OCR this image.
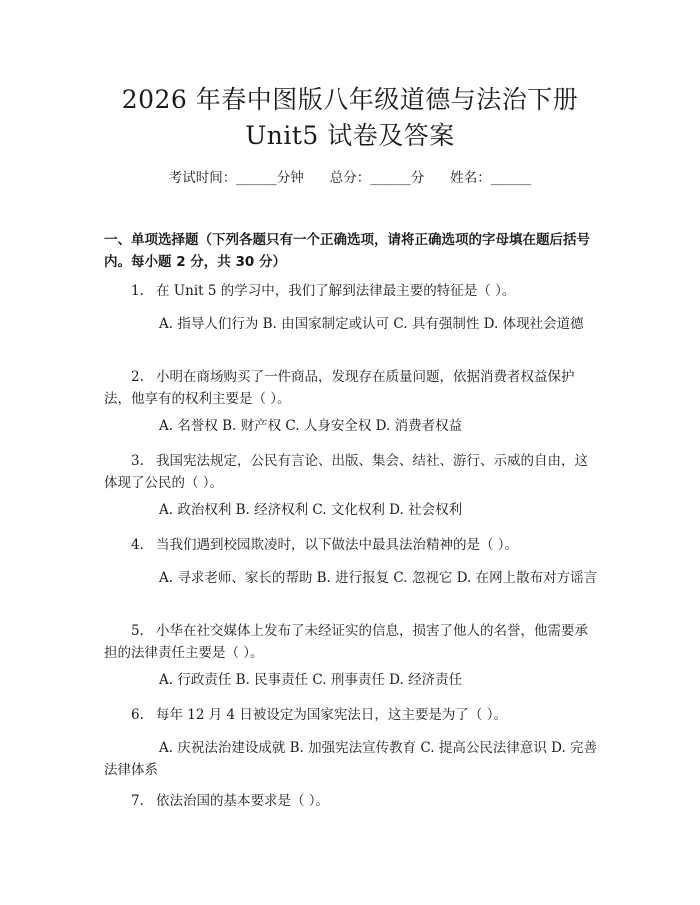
2026 年春中图版八年级道德与法治下册
Unit5 试卷及答案
考试时间：______分钟 总分：______分 姓名：______
一、单项选择题（下列各题只有一个正确选项，请将正确选项的字母填在题后括号内。每小题 2 分，共 30 分）
1. 在 Unit 5 的学习中，我们了解到法律最主要的特征是（ ）。
A. 指导人们行为 B. 由国家制定或认可 C. 具有强制性 D. 体现社会道德
2. 小明在商场购买了一件商品，发现存在质量问题，依据消费者权益保护法，他享有的权利主要是（ ）。
A. 名誉权 B. 财产权 C. 人身安全权 D. 消费者权益
3. 我国宪法规定，公民有言论、出版、集会、结社、游行、示威的自由，这体现了公民的（ ）。
A. 政治权利 B. 经济权利 C. 文化权利 D. 社会权利
4. 当我们遇到校园欺凌时，以下做法中最具法治精神的是（ ）。
A. 寻求老师、家长的帮助 B. 进行报复 C. 忽视它 D. 在网上散布对方谣言
5. 小华在社交媒体上发布了未经证实的信息，损害了他人的名誉，他需要承担的法律责任主要是（ ）。
A. 行政责任 B. 民事责任 C. 刑事责任 D. 经济责任
6. 每年 12 月 4 日被设定为国家宪法日，这主要是为了（ ）。
A. 庆祝法治建设成就 B. 加强宪法宣传教育 C. 提高公民法律意识 D. 完善法律体系
7. 依法治国的基本要求是（ ）。
